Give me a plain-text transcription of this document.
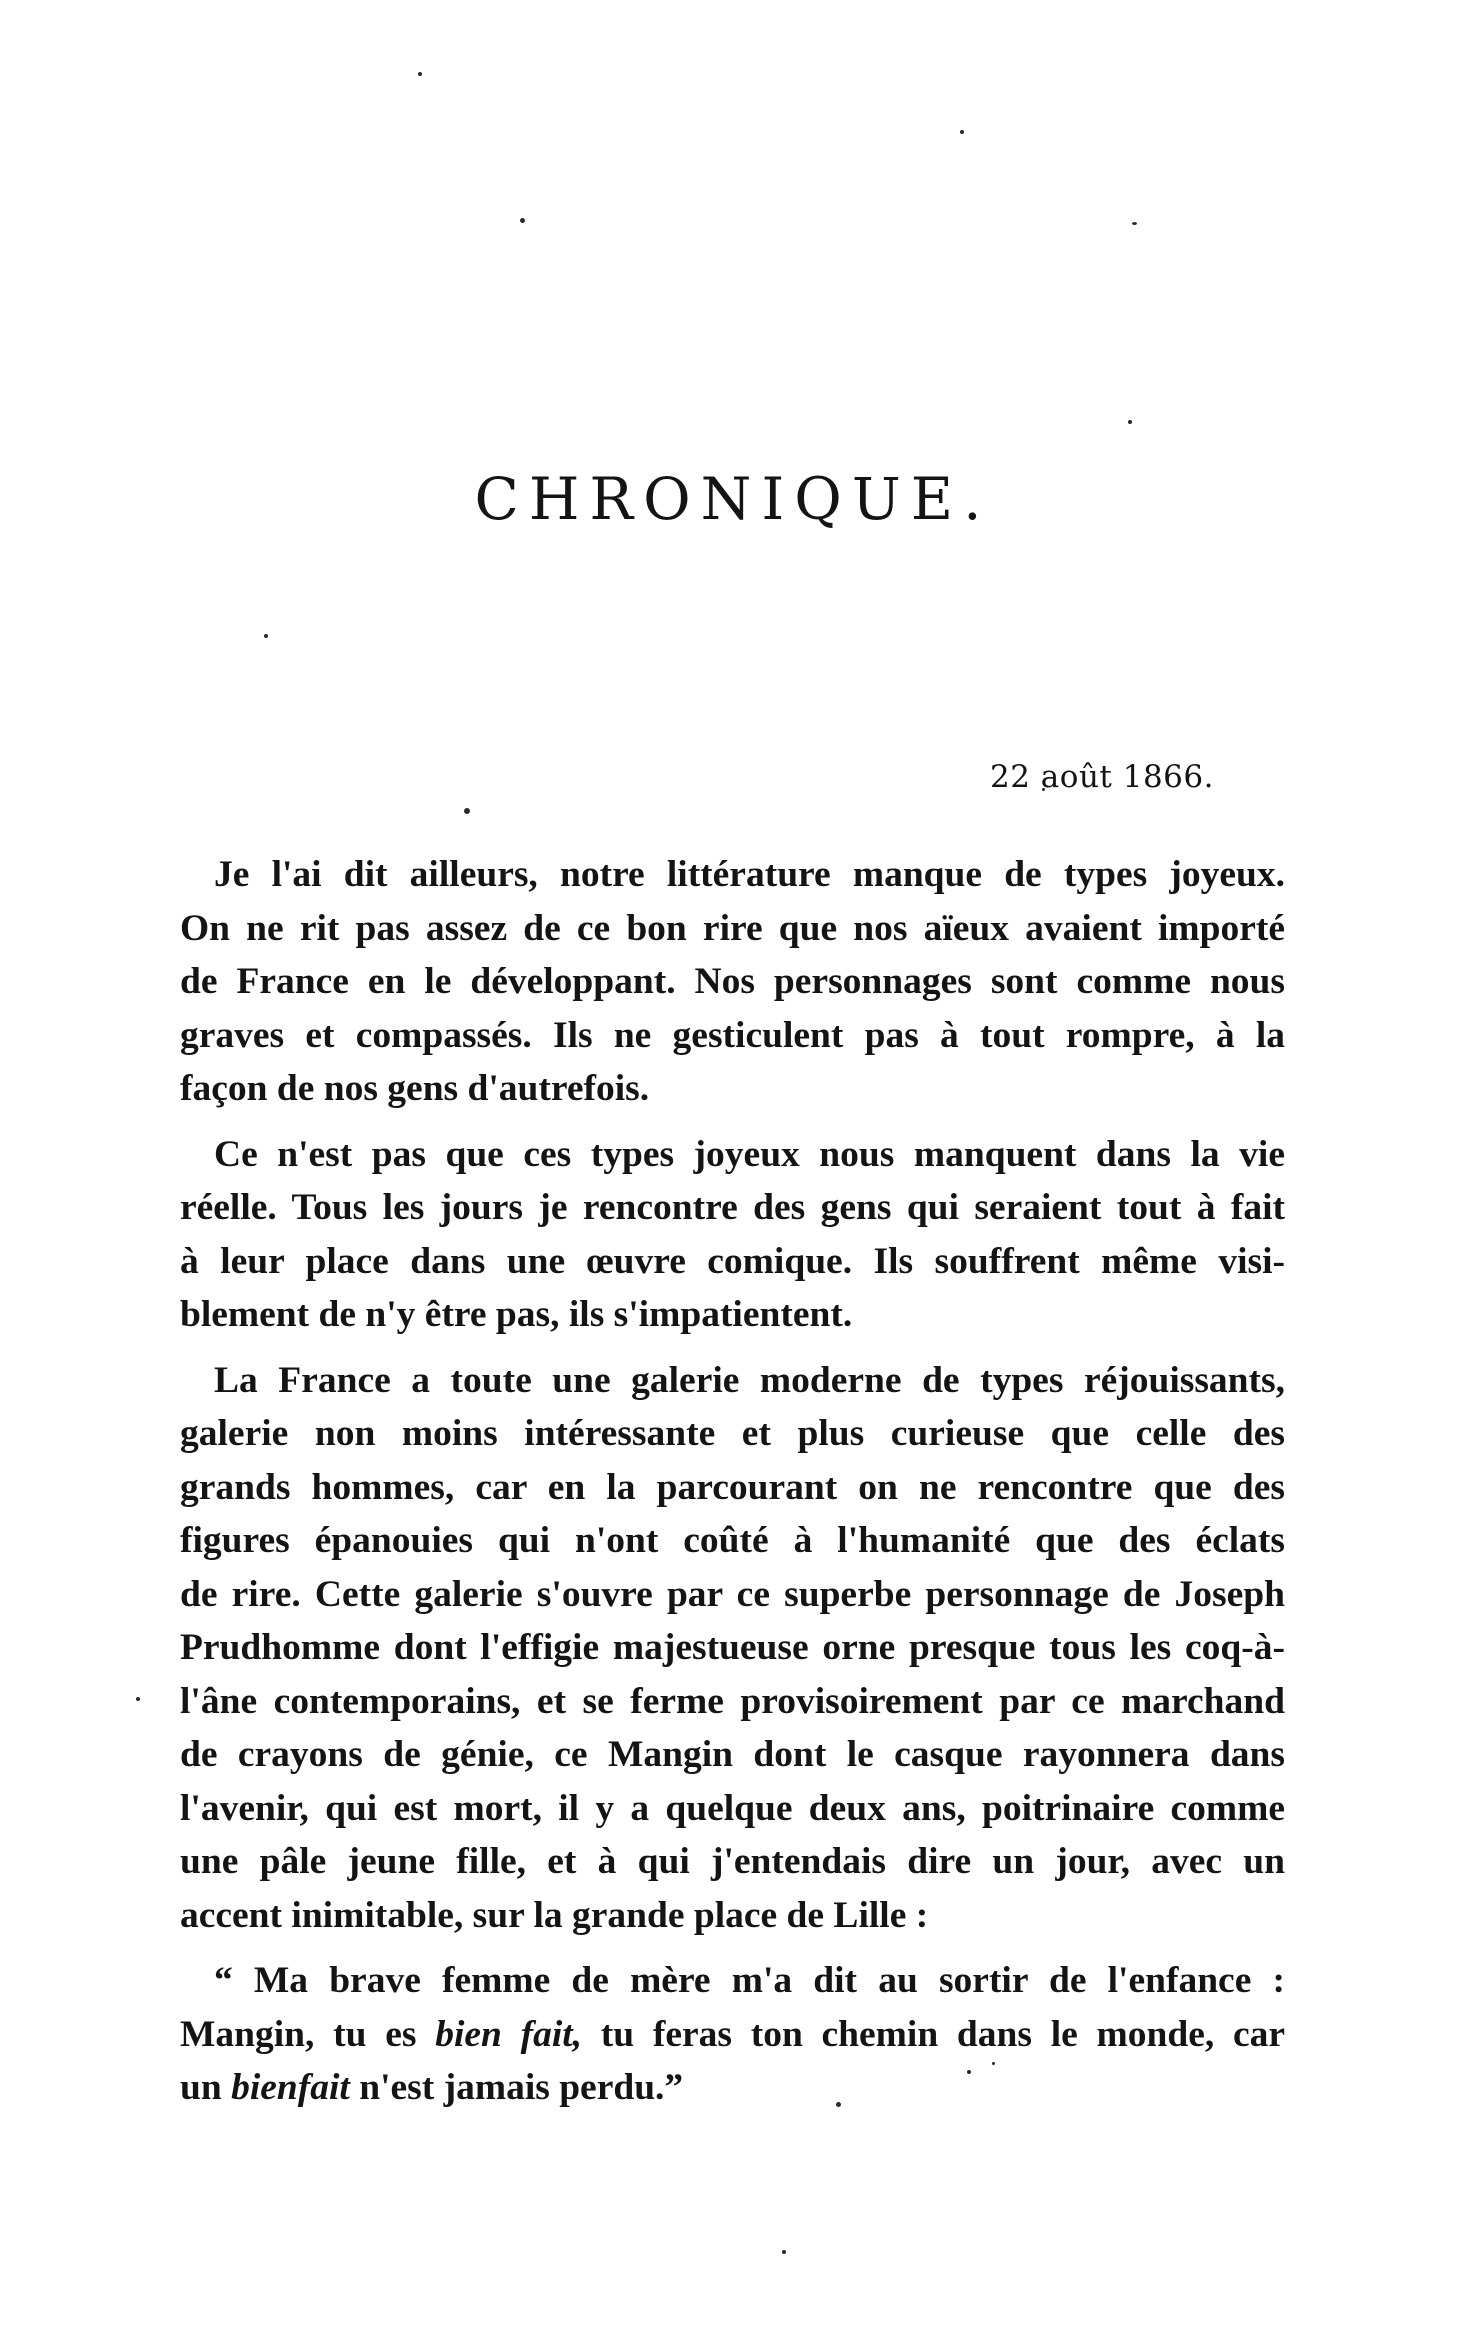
CHRONIQUE.
22 août 1866.

Je l'ai dit ailleurs, notre littérature manque de types joyeux.
On ne rit pas assez de ce bon rire que nos aïeux avaient importé
de France en le développant. Nos personnages sont comme nous
graves et compassés. Ils ne gesticulent pas à tout rompre, à la
façon de nos gens d'autrefois.

Ce n'est pas que ces types joyeux nous manquent dans la vie
réelle. Tous les jours je rencontre des gens qui seraient tout à fait
à leur place dans une œuvre comique. Ils souffrent même visi-
blement de n'y être pas, ils s'impatientent.

La France a toute une galerie moderne de types réjouissants,
galerie non moins intéressante et plus curieuse que celle des
grands hommes, car en la parcourant on ne rencontre que des
figures épanouies qui n'ont coûté à l'humanité que des éclats
de rire. Cette galerie s'ouvre par ce superbe personnage de Joseph
Prudhomme dont l'effigie majestueuse orne presque tous les coq-à-
l'âne contemporains, et se ferme provisoirement par ce marchand
de crayons de génie, ce Mangin dont le casque rayonnera dans
l'avenir, qui est mort, il y a quelque deux ans, poitrinaire comme
une pâle jeune fille, et à qui j'entendais dire un jour, avec un
accent inimitable, sur la grande place de Lille :

“ Ma brave femme de mère m'a dit au sortir de l'enfance :
Mangin, tu es bien fait, tu feras ton chemin dans le monde, car
un bienfait n'est jamais perdu.”
